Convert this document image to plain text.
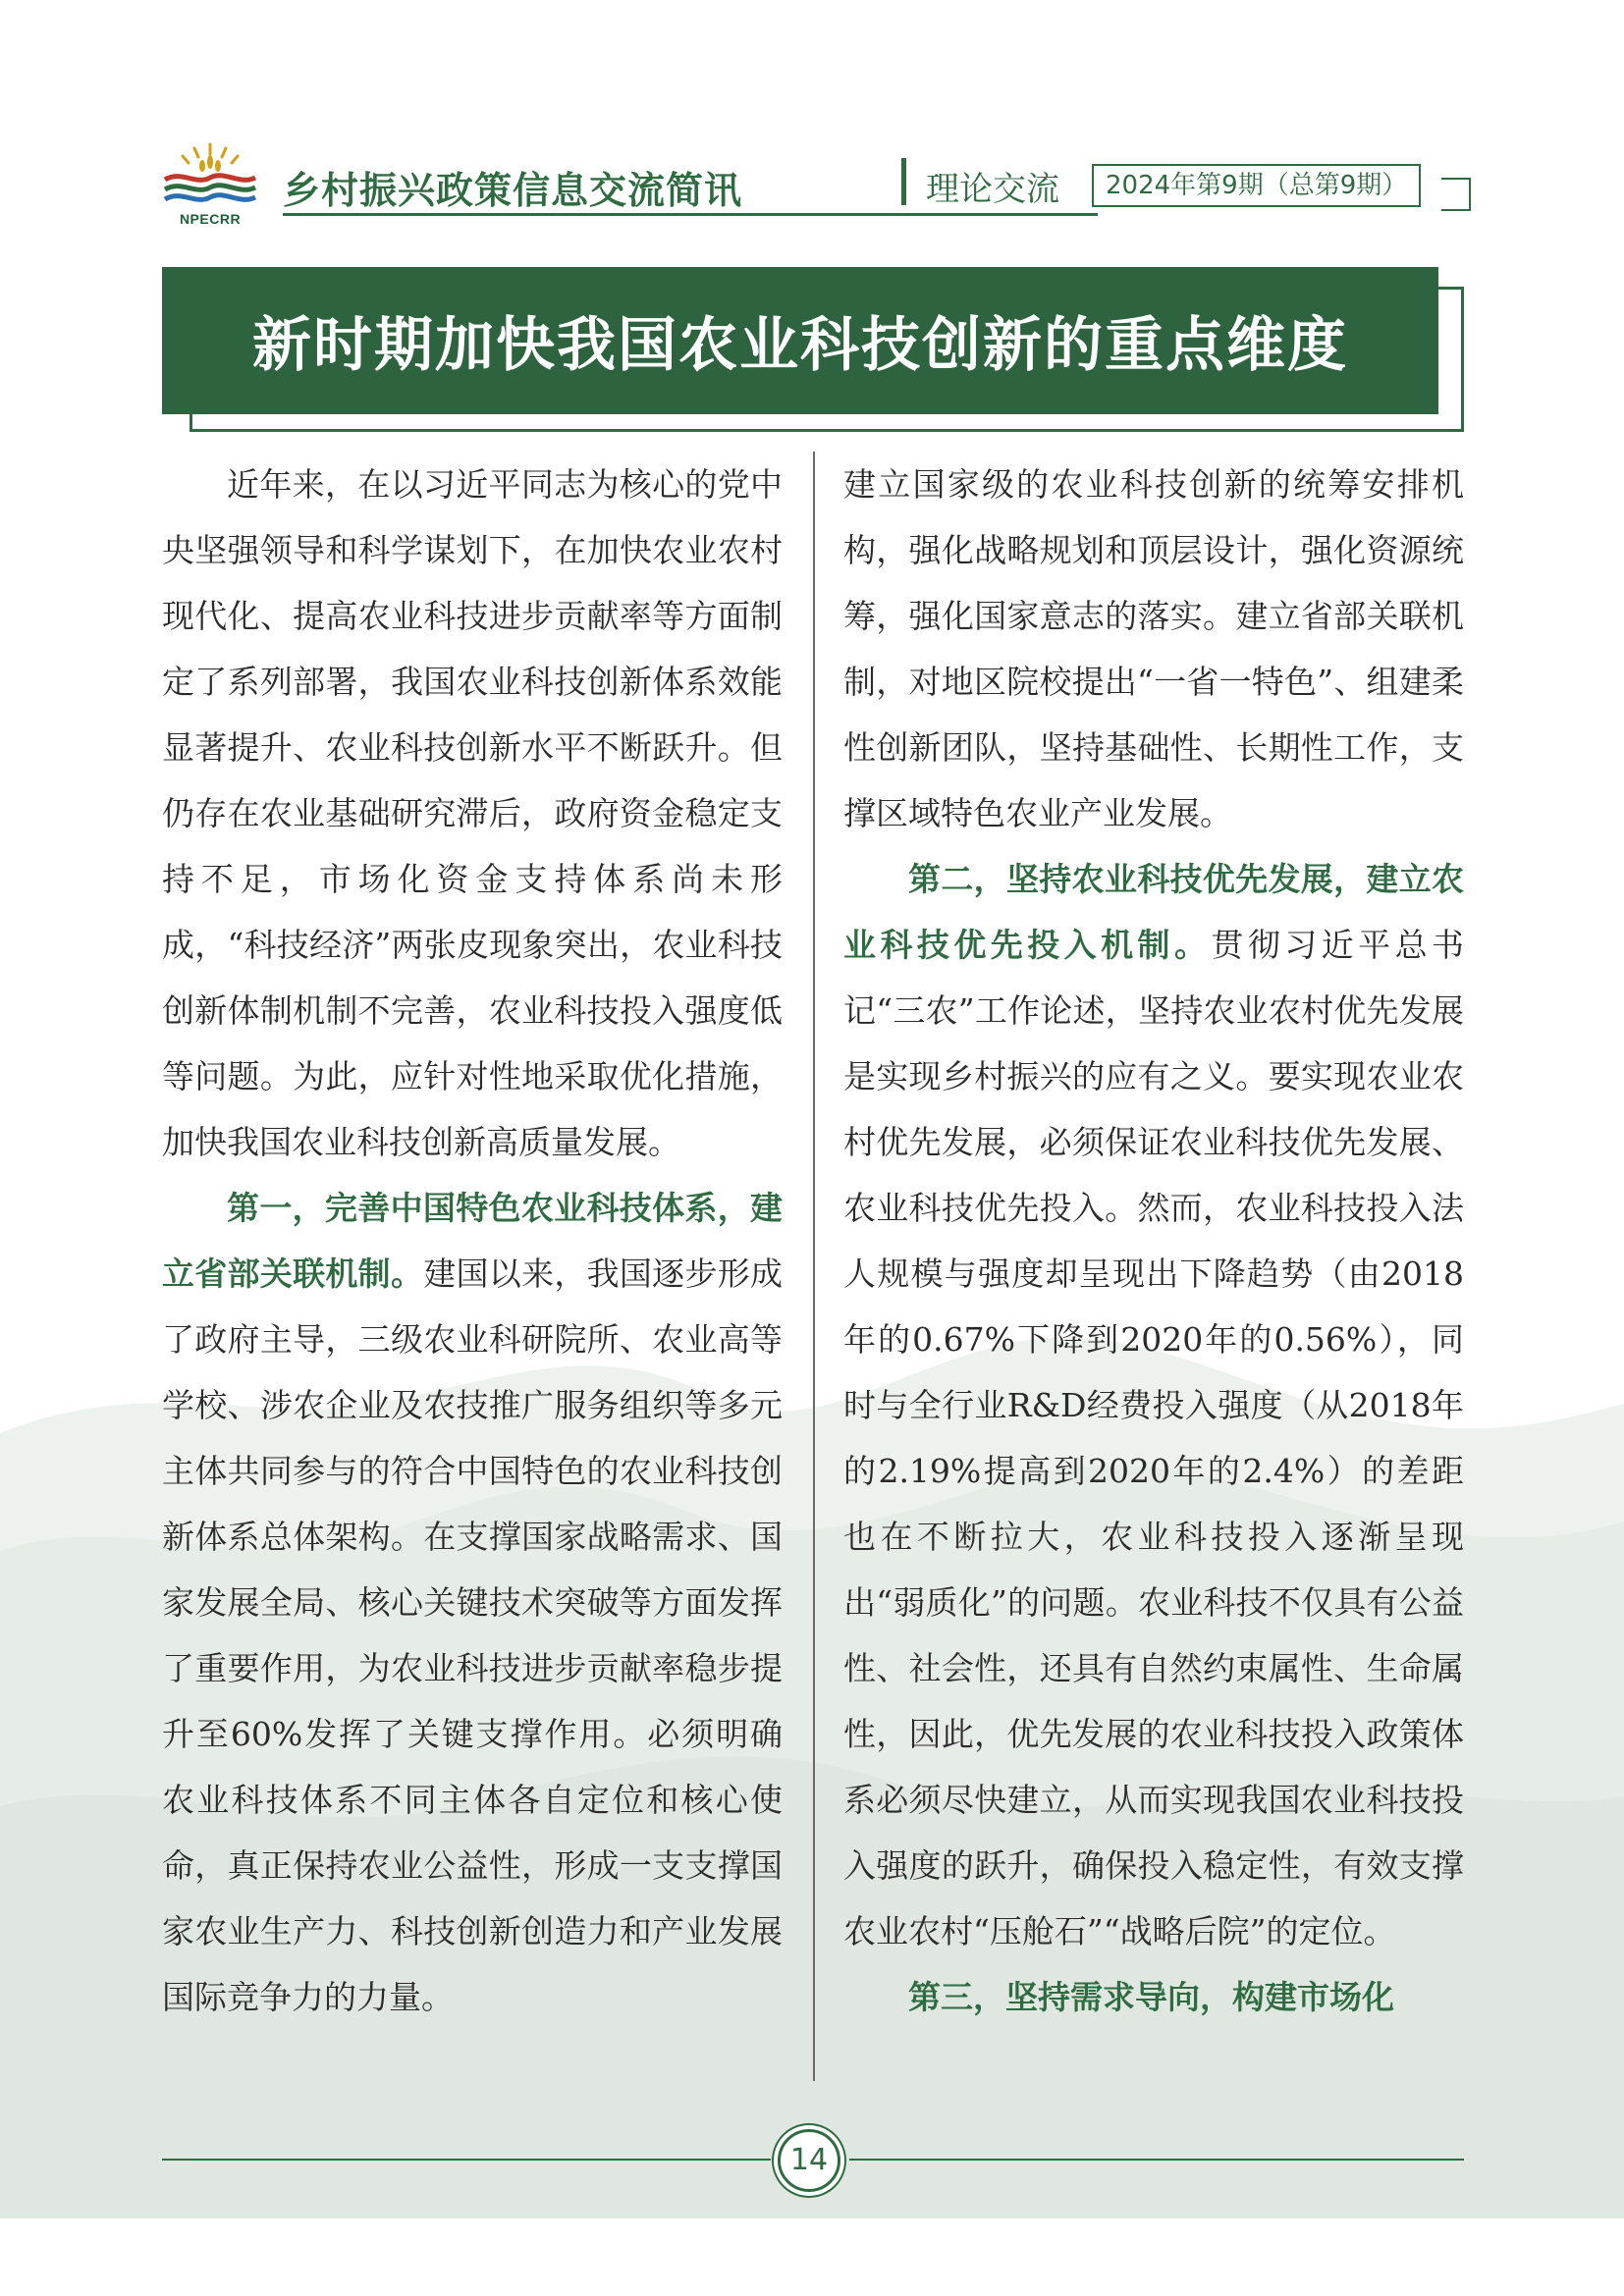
NPECRR
乡村振兴政策信息交流简讯	理论交流	2024年第9期（总第9期）
新时期加快我国农业科技创新的重点维度

近年来，在以习近平同志为核心的党中央坚强领导和科学谋划下，在加快农业农村现代化、提高农业科技进步贡献率等方面制定了系列部署，我国农业科技创新体系效能显著提升、农业科技创新水平不断跃升。但仍存在农业基础研究滞后，政府资金稳定支持不足，市场化资金支持体系尚未形成，“科技经济”两张皮现象突出，农业科技创新体制机制不完善，农业科技投入强度低等问题。为此，应针对性地采取优化措施，加快我国农业科技创新高质量发展。

第一，完善中国特色农业科技体系，建立省部关联机制。建国以来，我国逐步形成了政府主导，三级农业科研院所、农业高等学校、涉农企业及农技推广服务组织等多元主体共同参与的符合中国特色的农业科技创新体系总体架构。在支撑国家战略需求、国家发展全局、核心关键技术突破等方面发挥了重要作用，为农业科技进步贡献率稳步提升至60%发挥了关键支撑作用。必须明确农业科技体系不同主体各自定位和核心使命，真正保持农业公益性，形成一支支撑国家农业生产力、科技创新创造力和产业发展国际竞争力的力量。

建立国家级的农业科技创新的统筹安排机构，强化战略规划和顶层设计，强化资源统筹，强化国家意志的落实。建立省部关联机制，对地区院校提出“一省一特色”、组建柔性创新团队，坚持基础性、长期性工作，支撑区域特色农业产业发展。

第二，坚持农业科技优先发展，建立农业科技优先投入机制。贯彻习近平总书记“三农”工作论述，坚持农业农村优先发展是实现乡村振兴的应有之义。要实现农业农村优先发展，必须保证农业科技优先发展、农业科技优先投入。然而，农业科技投入法人规模与强度却呈现出下降趋势（由2018年的0.67%下降到2020年的0.56%），同时与全行业R&D经费投入强度（从2018年的2.19%提高到2020年的2.4%）的差距也在不断拉大，农业科技投入逐渐呈现出“弱质化”的问题。农业科技不仅具有公益性、社会性，还具有自然约束属性、生命属性，因此，优先发展的农业科技投入政策体系必须尽快建立，从而实现我国农业科技投入强度的跃升，确保投入稳定性，有效支撑农业农村“压舱石”“战略后院”的定位。

第三，坚持需求导向，构建市场化

14
